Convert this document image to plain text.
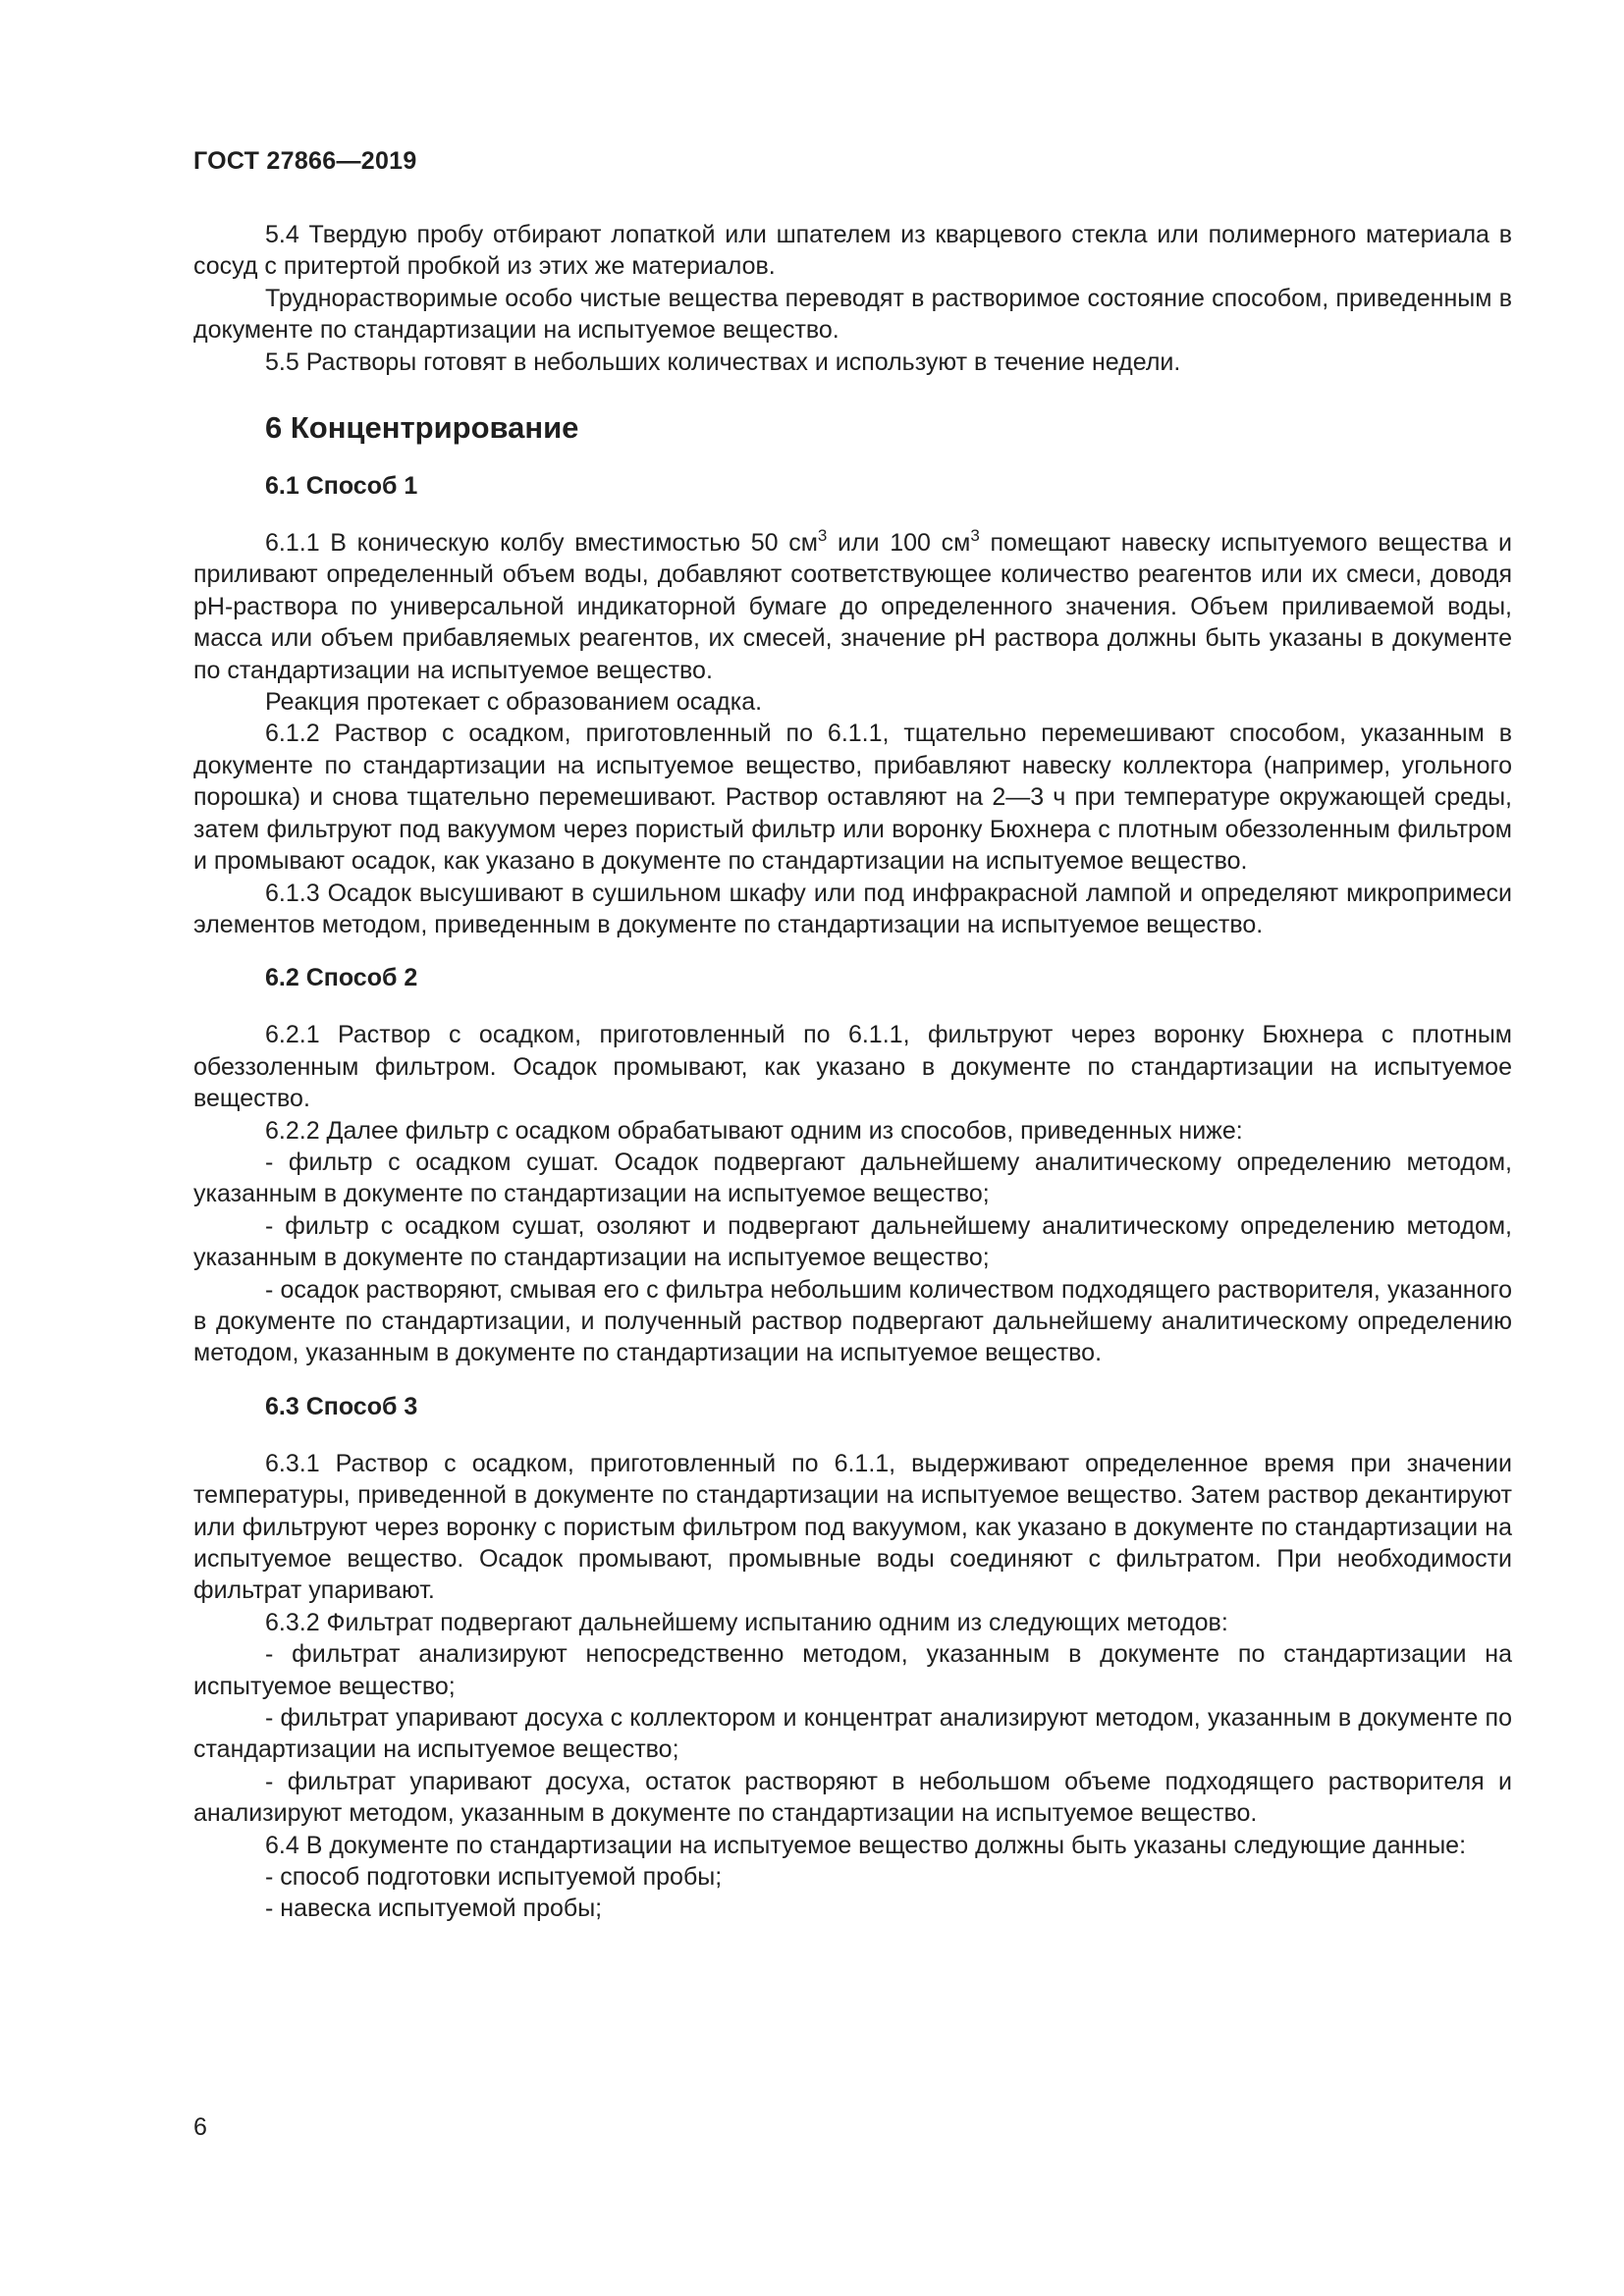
ГОСТ 27866—2019

5.4 Твердую пробу отбирают лопаткой или шпателем из кварцевого стекла или полимерного материала в сосуд с притертой пробкой из этих же материалов.

Труднорастворимые особо чистые вещества переводят в растворимое состояние способом, приведенным в документе по стандартизации на испытуемое вещество.

5.5 Растворы готовят в небольших количествах и используют в течение недели.

6 Концентрирование
6.1 Способ 1

6.1.1 В коническую колбу вместимостью 50 $см^3$ или 100 $см^3$ помещают навеску испытуемого вещества и приливают определенный объем воды, добавляют соответствующее количество реагентов или их смеси, доводя рН-раствора по универсальной индикаторной бумаге до определенного значения. Объем приливаемой воды, масса или объем прибавляемых реагентов, их смесей, значение рН раствора должны быть указаны в документе по стандартизации на испытуемое вещество.

Реакция протекает с образованием осадка.

6.1.2 Раствор с осадком, приготовленный по 6.1.1, тщательно перемешивают способом, указанным в документе по стандартизации на испытуемое вещество, прибавляют навеску коллектора (например, угольного порошка) и снова тщательно перемешивают. Раствор оставляют на 2—3 ч при температуре окружающей среды, затем фильтруют под вакуумом через пористый фильтр или воронку Бюхнера с плотным обеззоленным фильтром и промывают осадок, как указано в документе по стандартизации на испытуемое вещество.

6.1.3 Осадок высушивают в сушильном шкафу или под инфракрасной лампой и определяют микропримеси элементов методом, приведенным в документе по стандартизации на испытуемое вещество.

6.2 Способ 2

6.2.1 Раствор с осадком, приготовленный по 6.1.1, фильтруют через воронку Бюхнера с плотным обеззоленным фильтром. Осадок промывают, как указано в документе по стандартизации на испытуемое вещество.

6.2.2 Далее фильтр с осадком обрабатывают одним из способов, приведенных ниже:

- фильтр с осадком сушат. Осадок подвергают дальнейшему аналитическому определению методом, указанным в документе по стандартизации на испытуемое вещество;

- фильтр с осадком сушат, озоляют и подвергают дальнейшему аналитическому определению методом, указанным в документе по стандартизации на испытуемое вещество;

- осадок растворяют, смывая его с фильтра небольшим количеством подходящего растворителя, указанного в документе по стандартизации, и полученный раствор подвергают дальнейшему аналитическому определению методом, указанным в документе по стандартизации на испытуемое вещество.

6.3 Способ 3

6.3.1 Раствор с осадком, приготовленный по 6.1.1, выдерживают определенное время при значении температуры, приведенной в документе по стандартизации на испытуемое вещество. Затем раствор декантируют или фильтруют через воронку с пористым фильтром под вакуумом, как указано в документе по стандартизации на испытуемое вещество. Осадок промывают, промывные воды соединяют с фильтратом. При необходимости фильтрат упаривают.

6.3.2 Фильтрат подвергают дальнейшему испытанию одним из следующих методов:

- фильтрат анализируют непосредственно методом, указанным в документе по стандартизации на испытуемое вещество;

- фильтрат упаривают досуха с коллектором и концентрат анализируют методом, указанным в документе по стандартизации на испытуемое вещество;

- фильтрат упаривают досуха, остаток растворяют в небольшом объеме подходящего растворителя и анализируют методом, указанным в документе по стандартизации на испытуемое вещество.

6.4 В документе по стандартизации на испытуемое вещество должны быть указаны следующие данные:

- способ подготовки испытуемой пробы;

- навеска испытуемой пробы;

6
